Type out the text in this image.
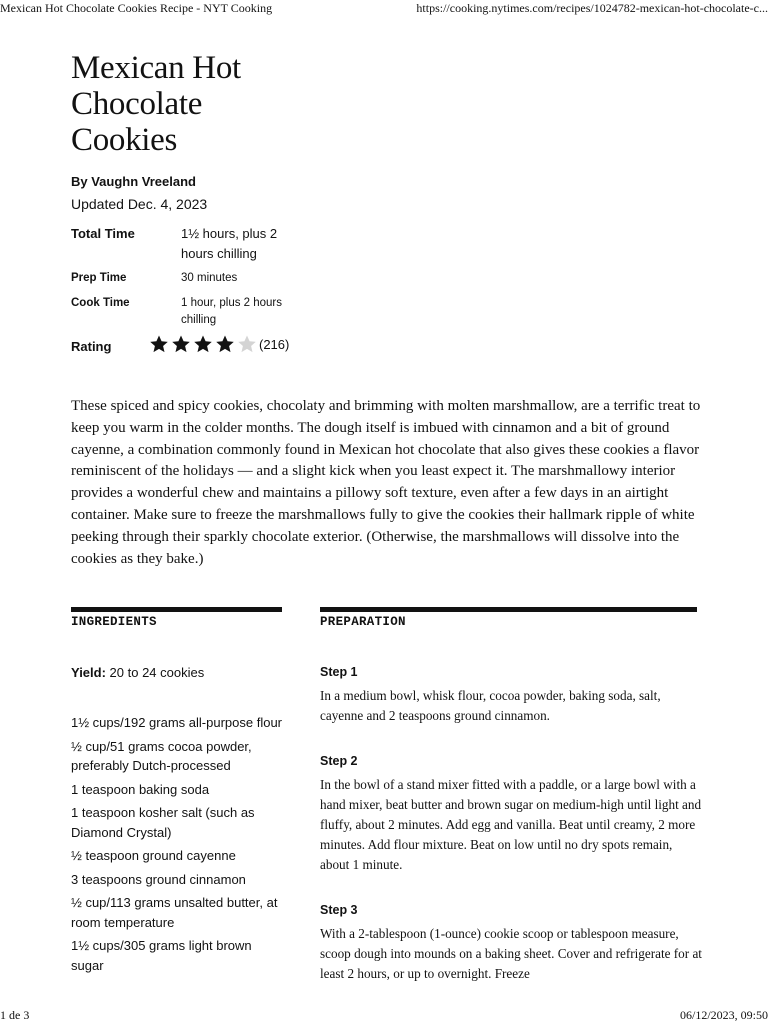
Mexican Hot Chocolate Cookies Recipe - NYT Cooking	https://cooking.nytimes.com/recipes/1024782-mexican-hot-chocolate-c...
Mexican Hot
Chocolate
Cookies
By Vaughn Vreeland
Updated Dec. 4, 2023
Total Time	1½ hours, plus 2 hours chilling
Prep Time	30 minutes
Cook Time	1 hour, plus 2 hours chilling
Rating	(216)

These spiced and spicy cookies, chocolaty and brimming with molten marshmallow, are a terrific treat to keep you warm in the colder months. The dough itself is imbued with cinnamon and a bit of ground cayenne, a combination commonly found in Mexican hot chocolate that also gives these cookies a flavor reminiscent of the holidays — and a slight kick when you least expect it. The marshmallowy interior provides a wonderful chew and maintains a pillowy soft texture, even after a few days in an airtight container. Make sure to freeze the marshmallows fully to give the cookies their hallmark ripple of white peeking through their sparkly chocolate exterior. (Otherwise, the marshmallows will dissolve into the cookies as they bake.)

INGREDIENTS	PREPARATION
Yield: 20 to 24 cookies
1½ cups/192 grams all-purpose flour
½ cup/51 grams cocoa powder, preferably Dutch-processed
1 teaspoon baking soda
1 teaspoon kosher salt (such as Diamond Crystal)
½ teaspoon ground cayenne
3 teaspoons ground cinnamon
½ cup/113 grams unsalted butter, at room temperature
1½ cups/305 grams light brown sugar

Step 1

In a medium bowl, whisk flour, cocoa powder, baking soda, salt, cayenne and 2 teaspoons ground cinnamon.

Step 2

In the bowl of a stand mixer fitted with a paddle, or a large bowl with a hand mixer, beat butter and brown sugar on medium-high until light and fluffy, about 2 minutes. Add egg and vanilla. Beat until creamy, 2 more minutes. Add flour mixture. Beat on low until no dry spots remain, about 1 minute.

Step 3

With a 2-tablespoon (1-ounce) cookie scoop or tablespoon measure, scoop dough into mounds on a baking sheet. Cover and refrigerate for at least 2 hours, or up to overnight. Freeze

1 de 3	06/12/2023, 09:50
